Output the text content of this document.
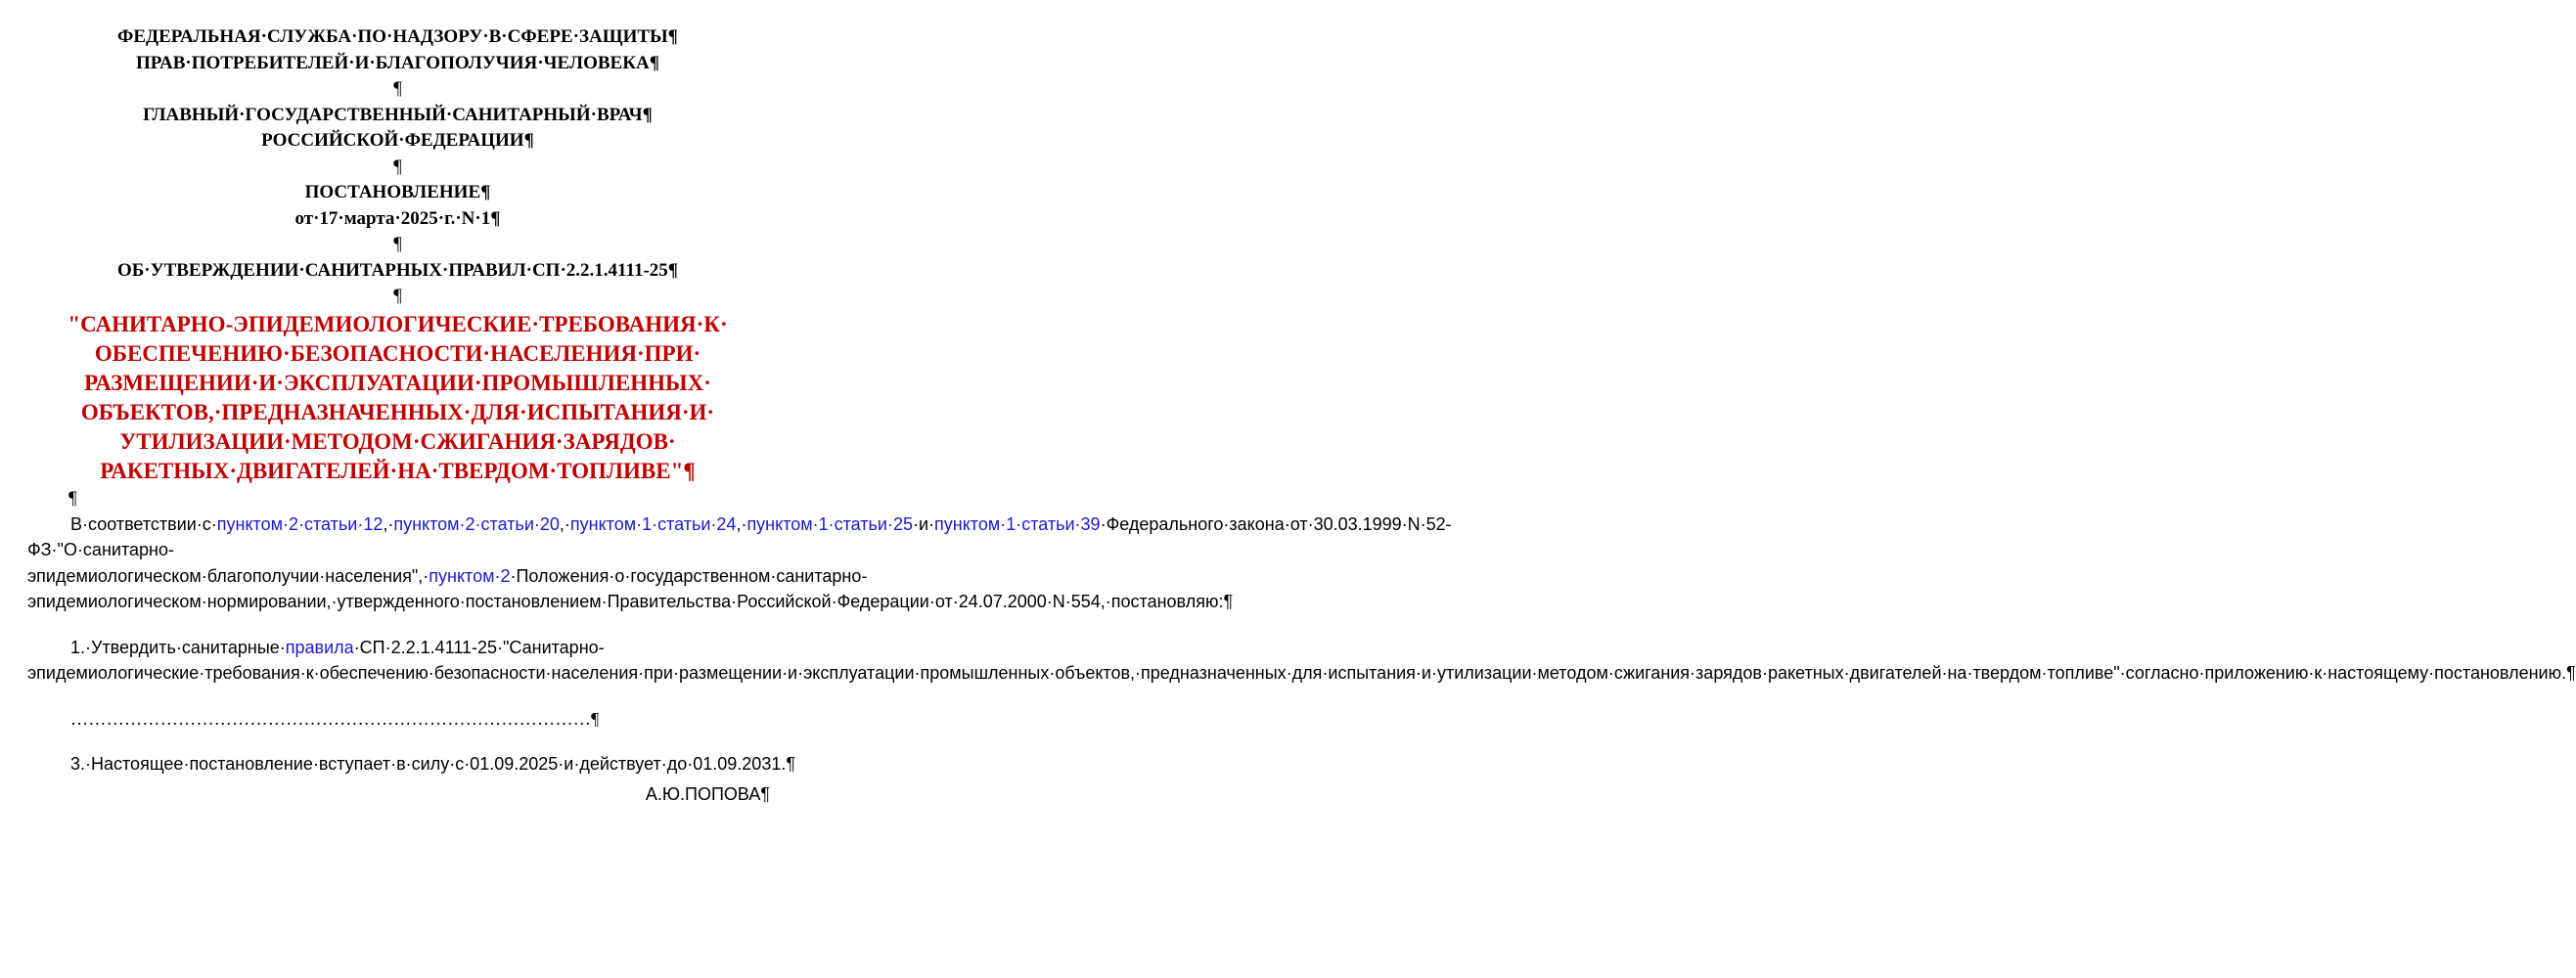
ФЕДЕРАЛЬНАЯ·СЛУЖБА·ПО·НАДЗОРУ·В·СФЕРЕ·ЗАЩИТЫ¶

ПРАВ·ПОТРЕБИТЕЛЕЙ·И·БЛАГОПОЛУЧИЯ·ЧЕЛОВЕКА¶

¶

ГЛАВНЫЙ·ГОСУДАРСТВЕННЫЙ·САНИТАРНЫЙ·ВРАЧ¶

РОССИЙСКОЙ·ФЕДЕРАЦИИ¶

¶

ПОСТАНОВЛЕНИЕ¶

от·17·марта·2025·г.·N·1¶

¶

ОБ·УТВЕРЖДЕНИИ·САНИТАРНЫХ·ПРАВИЛ·СП·2.2.1.4111-25¶

¶

"САНИТАРНО-ЭПИДЕМИОЛОГИЧЕСКИЕ·ТРЕБОВАНИЯ·К·

ОБЕСПЕЧЕНИЮ·БЕЗОПАСНОСТИ·НАСЕЛЕНИЯ·ПРИ·

РАЗМЕЩЕНИИ·И·ЭКСПЛУАТАЦИИ·ПРОМЫШЛЕННЫХ·

ОБЪЕКТОВ,·ПРЕДНАЗНАЧЕННЫХ·ДЛЯ·ИСПЫТАНИЯ·И·

УТИЛИЗАЦИИ·МЕТОДОМ·СЖИГАНИЯ·ЗАРЯДОВ·

РАКЕТНЫХ·ДВИГАТЕЛЕЙ·НА·ТВЕРДОМ·ТОПЛИВЕ"¶

¶

В·соответствии·с·пунктом·2·статьи·12,·пунктом·2·статьи·20,·пунктом·1·статьи·24,·пунктом·1·статьи·25·и·пунктом·1·статьи·39·Федерального·закона·от·30.03.1999·N·52-ФЗ·"О·санитарно-эпидемиологическом·благополучии·населения",·пунктом·2·Положения·о·государственном·санитарно-эпидемиологическом·нормировании,·утвержденного·постановлением·Правительства·Российской·Федерации·от·24.07.2000·N·554,·постановляю:¶

1.·Утвердить·санитарные·правила·СП·2.2.1.4111-25·"Санитарно-эпидемиологические·требования·к·обеспечению·безопасности·населения·при·размещении·и·эксплуатации·промышленных·объектов,·предназначенных·для·испытания·и·утилизации·методом·сжигания·зарядов·ракетных·двигателей·на·твердом·топливе"·согласно·приложению·к·настоящему·постановлению.¶

……………………………………………………………………………¶

3.·Настоящее·постановление·вступает·в·силу·с·01.09.2025·и·действует·до·01.09.2031.¶

А.Ю.ПОПОВА¶
